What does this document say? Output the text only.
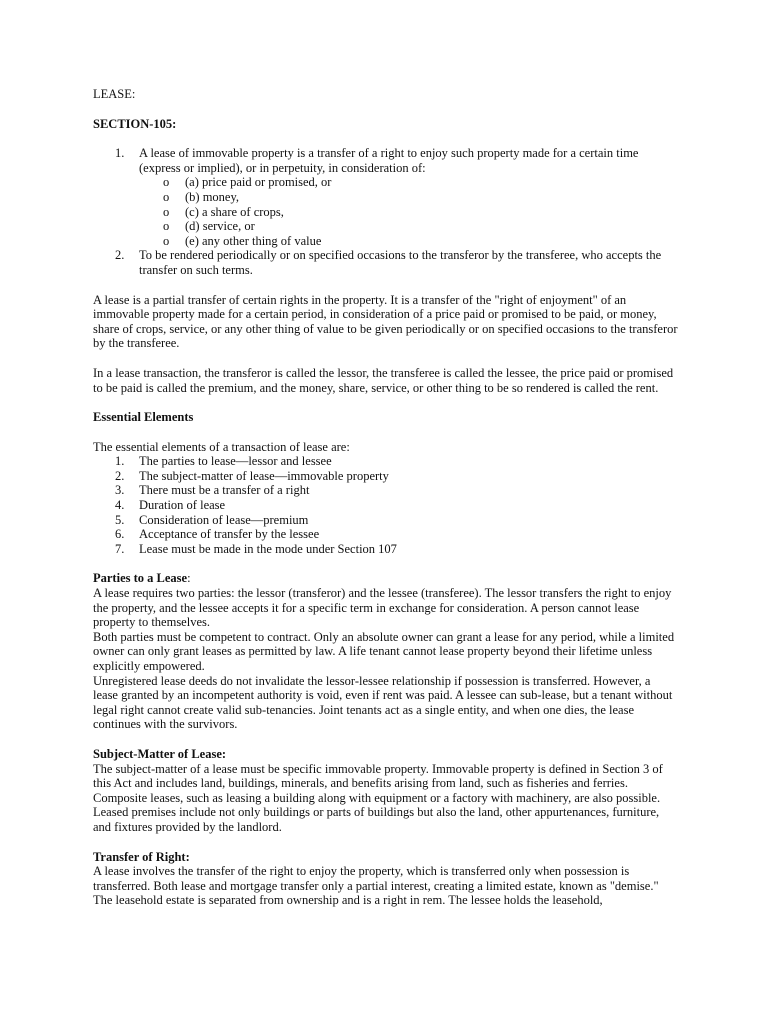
LEASE:

SECTION-105:

1. A lease of immovable property is a transfer of a right to enjoy such property made for a certain time (express or implied), or in perpetuity, in consideration of:
o (a) price paid or promised, or
o (b) money,
o (c) a share of crops,
o (d) service, or
o (e) any other thing of value
2. To be rendered periodically or on specified occasions to the transferor by the transferee, who accepts the transfer on such terms.

A lease is a partial transfer of certain rights in the property. It is a transfer of the "right of enjoyment" of an immovable property made for a certain period, in consideration of a price paid or promised to be paid, or money, share of crops, service, or any other thing of value to be given periodically or on specified occasions to the transferor by the transferee.

In a lease transaction, the transferor is called the lessor, the transferee is called the lessee, the price paid or promised to be paid is called the premium, and the money, share, service, or other thing to be so rendered is called the rent.

Essential Elements

The essential elements of a transaction of lease are:

1. The parties to lease—lessor and lessee
2. The subject-matter of lease—immovable property
3. There must be a transfer of a right
4. Duration of lease
5. Consideration of lease—premium
6. Acceptance of transfer by the lessee
7. Lease must be made in the mode under Section 107

Parties to a Lease:

A lease requires two parties: the lessor (transferor) and the lessee (transferee). The lessor transfers the right to enjoy the property, and the lessee accepts it for a specific term in exchange for consideration. A person cannot lease property to themselves.

Both parties must be competent to contract. Only an absolute owner can grant a lease for any period, while a limited owner can only grant leases as permitted by law. A life tenant cannot lease property beyond their lifetime unless explicitly empowered.

Unregistered lease deeds do not invalidate the lessor-lessee relationship if possession is transferred. However, a lease granted by an incompetent authority is void, even if rent was paid. A lessee can sub-lease, but a tenant without legal right cannot create valid sub-tenancies. Joint tenants act as a single entity, and when one dies, the lease continues with the survivors.

Subject-Matter of Lease:

The subject-matter of a lease must be specific immovable property. Immovable property is defined in Section 3 of this Act and includes land, buildings, minerals, and benefits arising from land, such as fisheries and ferries. Composite leases, such as leasing a building along with equipment or a factory with machinery, are also possible. Leased premises include not only buildings or parts of buildings but also the land, other appurtenances, furniture, and fixtures provided by the landlord.

Transfer of Right:

A lease involves the transfer of the right to enjoy the property, which is transferred only when possession is transferred. Both lease and mortgage transfer only a partial interest, creating a limited estate, known as "demise." The leasehold estate is separated from ownership and is a right in rem. The lessee holds the leasehold,
